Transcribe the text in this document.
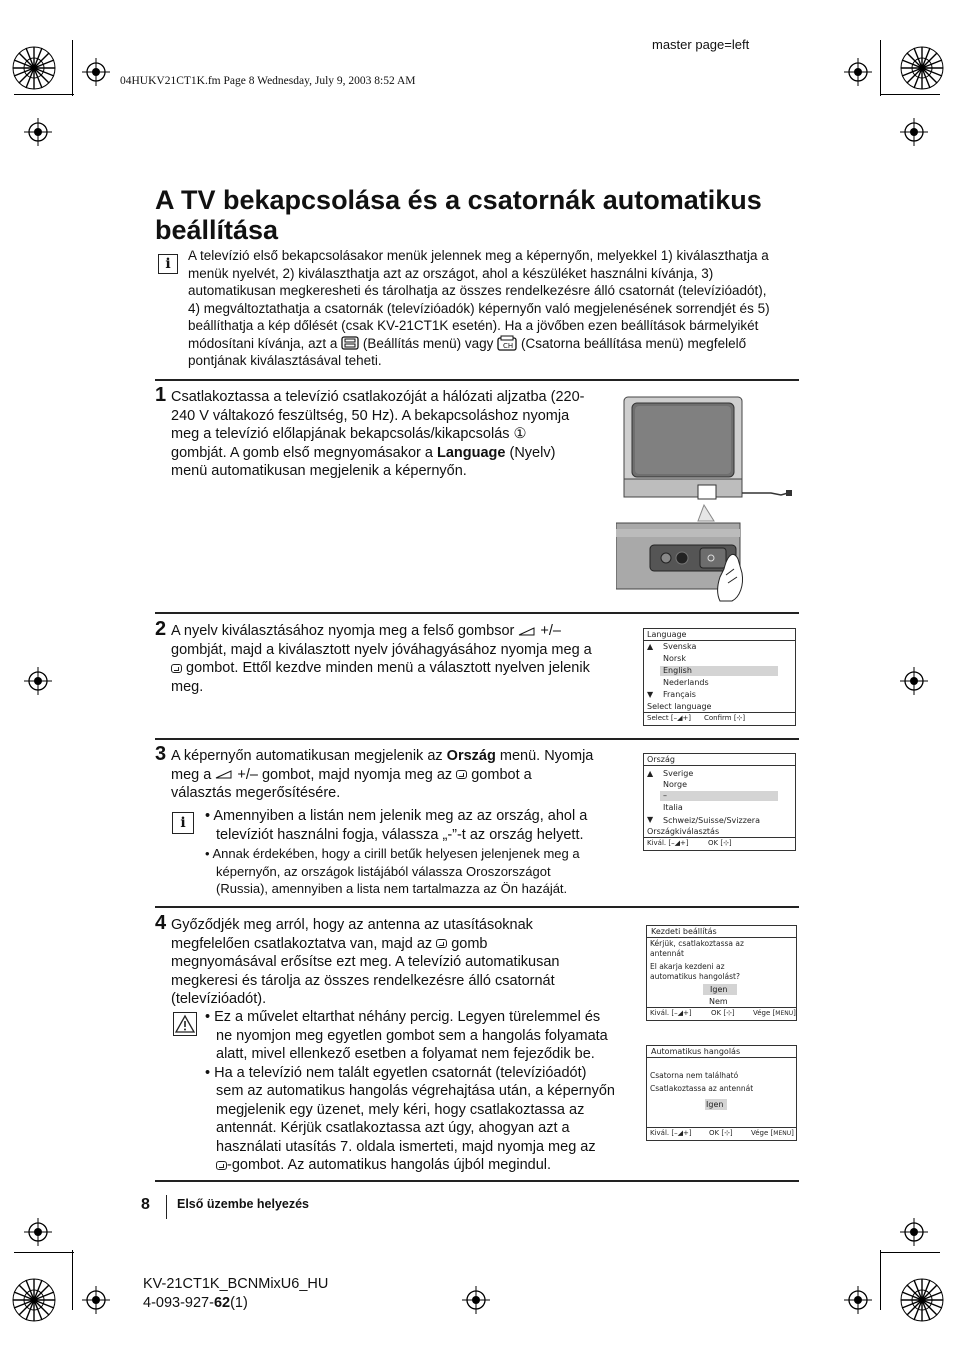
master page=left
04HUKV21CT1K.fm Page 8 Wednesday, July 9, 2003 8:52 AM
A TV bekapcsolása és a csatornák automatikus
beállítása
i
A televízió első bekapcsolásakor menük jelennek meg a képernyőn, melyekkel 1) kiválaszthatja a
menük nyelvét, 2) kiválaszthatja azt az országot, ahol a készüléket használni kívánja, 3)
automatikusan megkeresheti és tárolhatja az összes rendelkezésre álló csatornát (televízióadót),
4) megváltoztathatja a csatornák (televízióadók) képernyőn való megjelenésének sorrendjét és 5)
beállíthatja a kép dőlését (csak KV-21CT1K esetén). Ha a jövőben ezen beállítások bármelyikét
módosítani kívánja, azt a (Beállítás menü) vagy CH (Csatorna beállítása menü) megfelelő
pontjának kiválasztásával teheti.
1 Csatlakoztassa a televízió csatlakozóját a hálózati aljzatba (220-
240 V váltakozó feszültség, 50 Hz). A bekapcsoláshoz nyomja
meg a televízió előlapjának bekapcsolás/kikapcsolás ①
gombját. A gomb első megnyomásakor a Language (Nyelv)
menü automatikusan megjelenik a képernyőn.
2 A nyelv kiválasztásához nyomja meg a felső gombsor +/–
gombját, majd a kiválasztott nyelv jóváhagyásához nyomja meg a
gombot. Ettől kezdve minden menü a választott nyelven jelenik
meg.
Language
▲ Svenska
Norsk
English
Nederlands
▼ Français
Select language
Select [–◢+] Confirm [⊹]
3 A képernyőn automatikusan megjelenik az Ország menü. Nyomja
meg a +/– gombot, majd nyomja meg az gombot a
választás megerősítésére.
i	• Amennyiben a listán nem jelenik meg az az ország, ahol a
televíziót használni fogja, válassza „-”-t az ország helyett.
• Annak érdekében, hogy a cirill betűk helyesen jelenjenek meg a
képernyőn, az országok listájából válassza Oroszországot
(Russia), amennyiben a lista nem tartalmazza az Ön hazáját.
Ország
▲ Sverige
Norge
–
Italia
▼ Schweiz/Suisse/Svizzera
Országkiválasztás
Kivál. [–◢+]	OK [⊹]
4 Győződjék meg arról, hogy az antenna az utasításoknak
megfelelően csatlakoztatva van, majd az gomb
megnyomásával erősítse ezt meg. A televízió automatikusan
megkeresi és tárolja az összes rendelkezésre álló csatornát
(televízióadót).
• Ez a művelet eltarthat néhány percig. Legyen türelemmel és
ne nyomjon meg egyetlen gombot sem a hangolás folyamata
alatt, mivel ellenkező esetben a folyamat nem fejeződik be.
• Ha a televízió nem talált egyetlen csatornát (televízióadót)
sem az automatikus hangolás végrehajtása után, a képernyőn
megjelenik egy üzenet, mely kéri, hogy csatlakoztassa az
antennát. Kérjük csatlakoztassa azt úgy, ahogyan azt a
használati utasítás 7. oldala ismerteti, majd nyomja meg az
-gombot. Az automatikus hangolás újból megindul.
Kezdeti beállítás
Kérjük, csatlakoztassa az
antennát
El akarja kezdeni az
automatikus hangolást?
Igen
Nem
Kivál. [–◢+]	OK [⊹]	Vége [MENU]
Automatikus hangolás
Csatorna nem található
Csatlakoztassa az antennát
Igen
Kivál. [–◢+] OK [⊹]	Vége [MENU]
8 Első üzembe helyezés
KV-21CT1K_BCNMixU6_HU
4-093-927-62(1)
